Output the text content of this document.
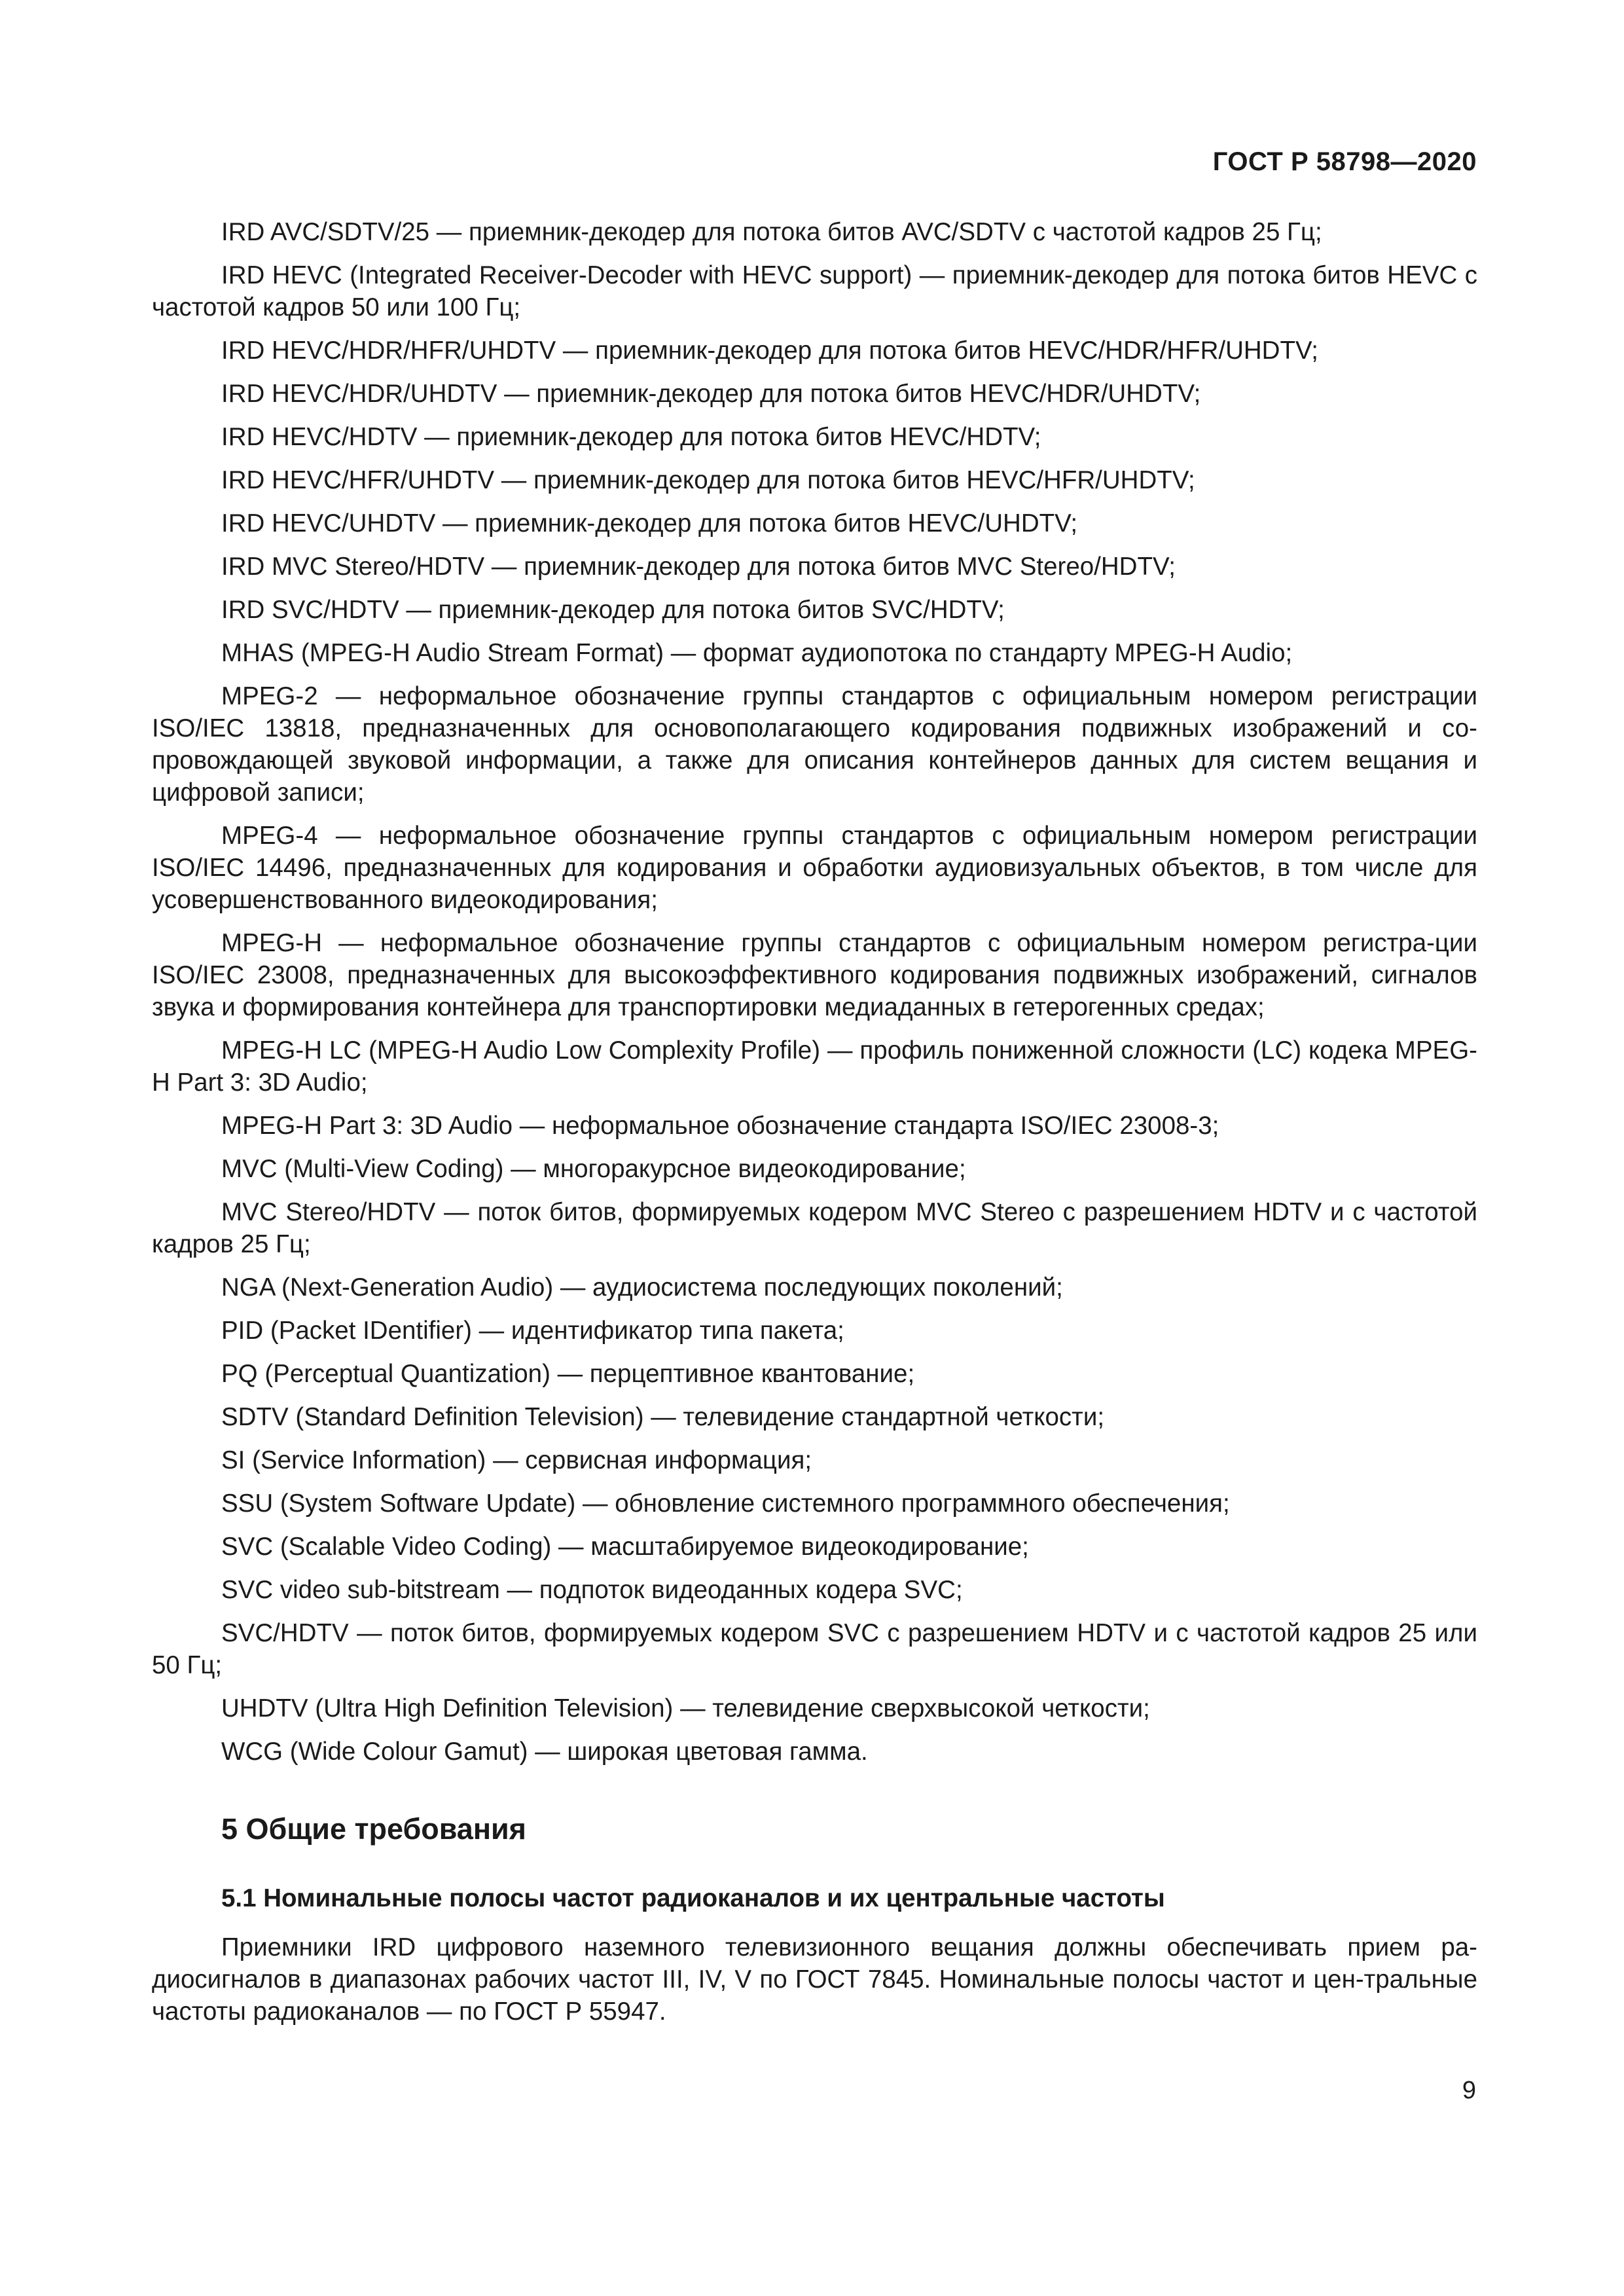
ГОСТ Р 58798—2020

IRD AVC/SDTV/25 — приемник-декодер для потока битов AVC/SDTV с частотой кадров 25 Гц;

IRD HEVC (Integrated Receiver-Decoder with HEVC support) — приемник-декодер для потока битов HEVC с частотой кадров 50 или 100 Гц;

IRD HEVC/HDR/HFR/UHDTV — приемник-декодер для потока битов HEVC/HDR/HFR/UHDTV;

IRD HEVC/HDR/UHDTV — приемник-декодер для потока битов HEVC/HDR/UHDTV;

IRD HEVC/HDTV — приемник-декодер для потока битов HEVC/HDTV;

IRD HEVC/HFR/UHDTV — приемник-декодер для потока битов HEVC/HFR/UHDTV;

IRD HEVC/UHDTV — приемник-декодер для потока битов HEVC/UHDTV;

IRD MVC Stereo/HDTV — приемник-декодер для потока битов MVC Stereo/HDTV;

IRD SVC/HDTV — приемник-декодер для потока битов SVC/HDTV;

MHAS (MPEG-H Audio Stream Format) — формат аудиопотока по стандарту MPEG-H Audio;

MPEG-2 — неформальное обозначение группы стандартов с официальным номером регистрации ISO/IEC 13818, предназначенных для основополагающего кодирования подвижных изображений и со-провождающей звуковой информации, а также для описания контейнеров данных для систем вещания и цифровой записи;

MPEG-4 — неформальное обозначение группы стандартов с официальным номером регистрации ISO/IEC 14496, предназначенных для кодирования и обработки аудиовизуальных объектов, в том числе для усовершенствованного видеокодирования;

MPEG-H — неформальное обозначение группы стандартов с официальным номером регистра-ции ISO/IEC 23008, предназначенных для высокоэффективного кодирования подвижных изображений, сигналов звука и формирования контейнера для транспортировки медиаданных в гетерогенных средах;

MPEG-H LC (MPEG-H Audio Low Complexity Profile) — профиль пониженной сложности (LC) кодека MPEG-H Part 3: 3D Audio;

MPEG-H Part 3: 3D Audio — неформальное обозначение стандарта ISO/IEC 23008-3;

MVC (Multi-View Coding) — многоракурсное видеокодирование;

MVC Stereo/HDTV — поток битов, формируемых кодером MVC Stereo с разрешением HDTV и с частотой кадров 25 Гц;

NGA (Next-Generation Audio) — аудиосистема последующих поколений;

PID (Packet IDentifier) — идентификатор типа пакета;

PQ (Perceptual Quantization) — перцептивное квантование;

SDTV (Standard Definition Television) — телевидение стандартной четкости;

SI (Service Information) — сервисная информация;

SSU (System Software Update) — обновление системного программного обеспечения;

SVC (Scalable Video Coding) — масштабируемое видеокодирование;

SVC video sub-bitstream — подпоток видеоданных кодера SVC;

SVC/HDTV — поток битов, формируемых кодером SVC с разрешением HDTV и с частотой кадров 25 или 50 Гц;

UHDTV (Ultra High Definition Television) — телевидение сверхвысокой четкости;

WCG (Wide Colour Gamut) — широкая цветовая гамма.

5 Общие требования
5.1 Номинальные полосы частот радиоканалов и их центральные частоты

Приемники IRD цифрового наземного телевизионного вещания должны обеспечивать прием ра-диосигналов в диапазонах рабочих частот III, IV, V по ГОСТ 7845. Номинальные полосы частот и цен-тральные частоты радиоканалов — по ГОСТ Р 55947.

9
